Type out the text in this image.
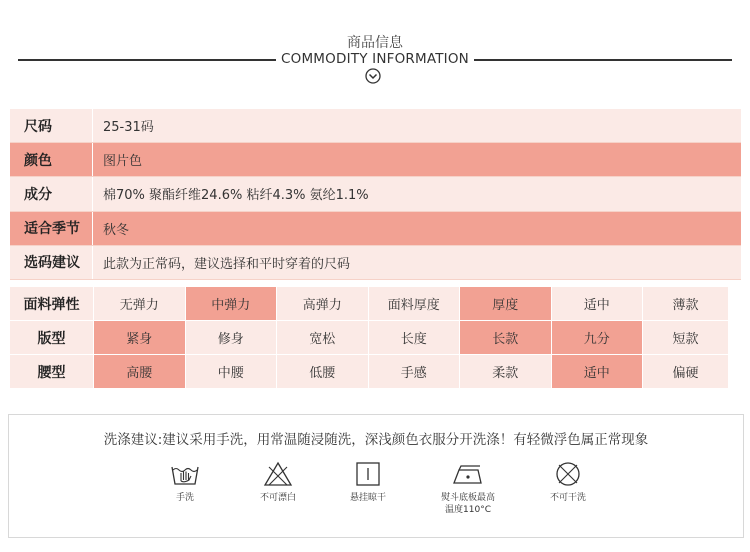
商品信息
COMMODITY INFORMATION
尺码	25-31码
颜色	图片色
成分	棉70% 聚酯纤维24.6% 粘纤4.3% 氨纶1.1%
适合季节	秋冬
选码建议	此款为正常码，建议选择和平时穿着的尺码
面料弹性	无弹力	中弹力	高弹力	面料厚度	厚度	适中	薄款
版型	紧身	修身	宽松	长度	长款	九分	短款
腰型	高腰	中腰	低腰	手感	柔款	适中	偏硬
洗涤建议:建议采用手洗，用常温随浸随洗，深浅颜色衣服分开洗涤！有轻微浮色属正常现象
手洗	不可漂白	悬挂晾干	熨斗底板最高
温度110°C
不可干洗
